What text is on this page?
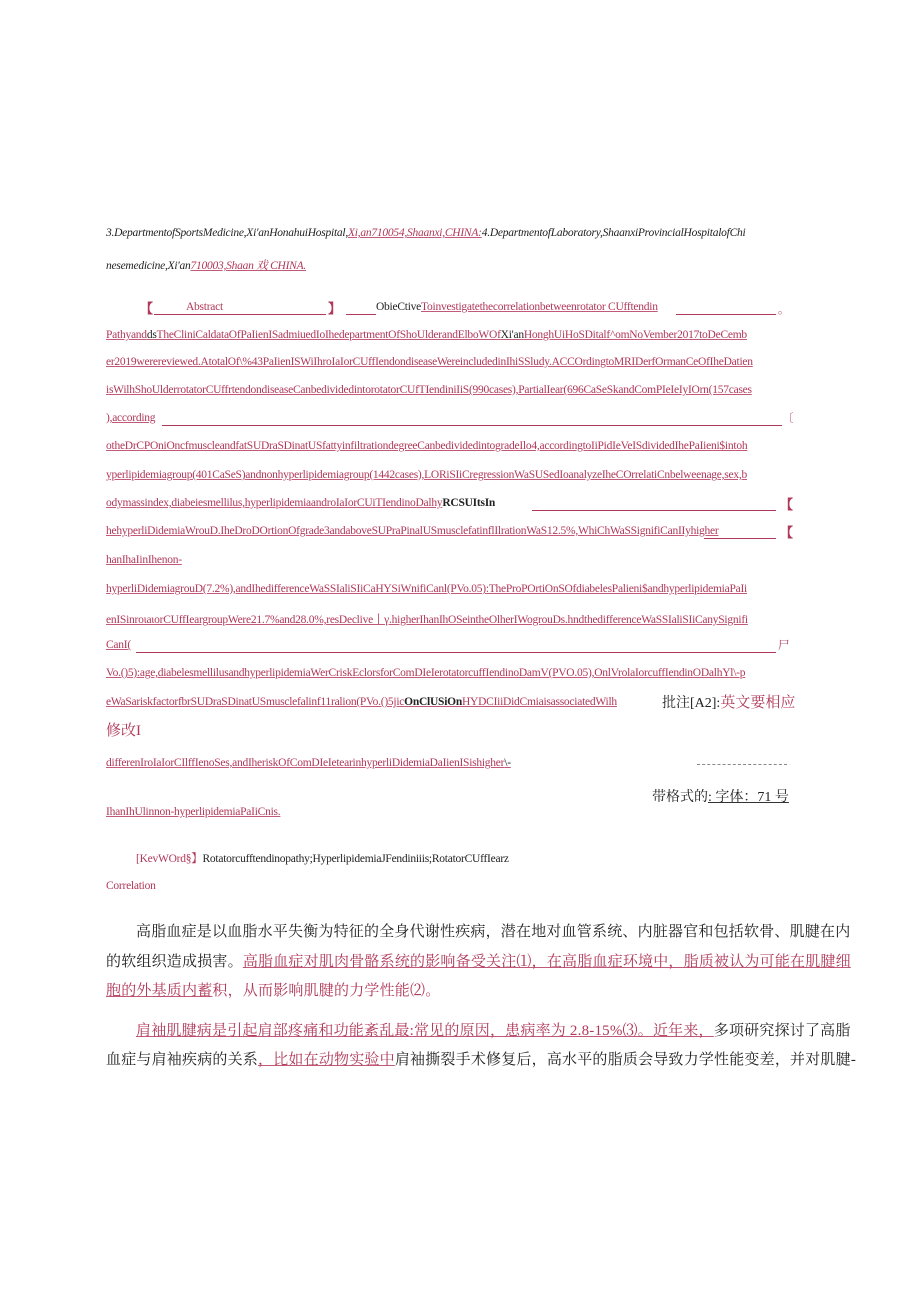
3.DepartmentofSportsMedicine,Xi'anHonahuiHospital,Xi,an710054,Shaanxi,CHINA:4.DepartmentofLaboratory,ShaanxiProvincialHospitalofChi
nesemedicine,Xi'an710003,Shaan 戏 CHINA.
【	Abstract	】	ObieCtiveToinvestigatethecorrelationbetweenrotator CUfftendin	。
PathyanddsTheCliniCaldataOfPaIienISadmiuedIoIhedepartmentOfShoUlderandElboWOfXi'anHonghUiHoSDitalf^omNoVember2017toDeCemb
er2019werereviewed.AtotalOf\%43PaIienISWiIhroIaIorCUffIendondiseaseWereincludedinIhiSSludy.ACCOrdingtoMRIDerfOrmanCeOfIheDatien
isWilhShoUlderrotatorCUffrtendondiseaseCanbedividedintorotatorCUfTIendiniIiS(990cases),PartialIear(696CaSeSkandComPIeIeIyIOrn(157cases
),according	〔
otheDrCPOniOncfmuscleandfatSUDraSDinatUSfattyinfiltrationdegreeCanbedividedintogradeIlo4,accordingtoIiPidIeVeISdividedIhePaIieni$intoh
yperlipidemiagroup(401CaSeS)andnonhyperlipidemiagroup(1442cases),LORiSIiCregressionWaSUSedIoanalyzeIheCOrrelatiCnbelweenage,sex,b
odymassindex,diabeiesmellilus,hyperlipidemiaandroIaIorCUiTIendinoDalhyRCSUItsIn	【
hehyperliDidemiaWrouD.IheDroDOrtionOfgrade3andaboveSUPraPinalUSmusclefatinflIlrationWaS12.5%,WhiChWaSSignifiCanIIyhigher	【
hanIhaIinIhenon-
hyperliDidemiagrouD(7.2%),andIhedifferenceWaSSIaliSIiCaHYSiWnifiCanl(PVo.05):TheProPOrtiOnSOfdiabelesPalieni$andhyperlipidemiaPaIi
enISinroιaιorCUffIeargroupWere21.7%and28.0%,resDeclive丨γ.higherIhanIhOSeintheOlherIWogrouDs.hndthedifferenceWaSSIaliSIiCanySignifi
CanI(	尸
Vo.()5):age,diabelesmellilusandhyperlipidemiaWerCriskEclorsforComDIeIerotatorcuffIendinoDamV(PVO.05),OnlVrolaIorcuffIendinODalhYl\-p
eWaSariskfactorfbrSUDraSDinatUSmusclefalinf11ralion(PVo.()5jicOnClUSiOnHYDCIiiDidCmiaisassociatedWilh	批注[A2]:英文要相应
修改I
differenIroIaIorCIlffIenoSes,andIheriskOfComDIeIetearinhyperliDidemiaDaIienISishigher\-
带格式的: 字体：71 号
IhanIhUlinnon-hyperlipidemiaPaIiCnis.
[KevWOrd§】Rotatorcufftendinopathy;HyperlipidemiaJFendiniiis;RotatorCUffIearz
Correlation
高脂血症是以血脂水平失衡为特征的全身代谢性疾病，潜在地对血管系统、内脏器官和包括软骨、肌腱在内
的软组织造成损害。高脂血症对肌肉骨骼系统的影响备受关注⑴，在高脂血症环境中，脂质被认为可能在肌腱细
胞的外基质内蓄积，从而影响肌腱的力学性能⑵。
肩袖肌腱病是引起肩部疼痛和功能紊乱最:常见的原因，患病率为 2.8-15%⑶。近年来，多项研究探讨了高脂
血症与肩袖疾病的关系，比如在动物实验中肩袖撕裂手术修复后，高水平的脂质会导致力学性能变差，并对肌腱-
